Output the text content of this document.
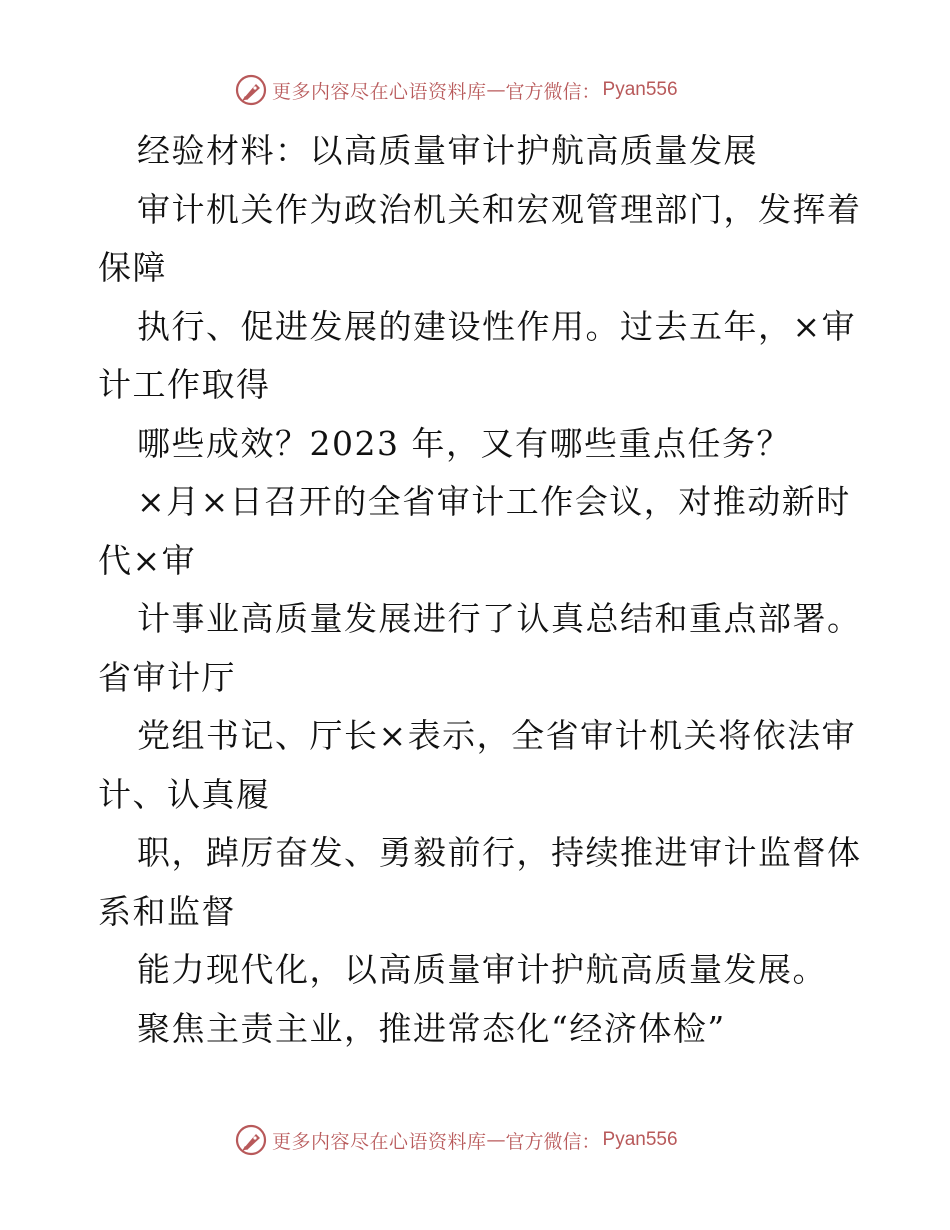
更多内容尽在心语资料库 — 官方微信： Pyan556
经验材料：以高质量审计护航高质量发展
审计机关作为政治机关和宏观管理部门，发挥着
保障
执行、促进发展的建设性作用。过去五年，×审
计工作取得
哪些成效？2023 年，又有哪些重点任务？
×月×日召开的全省审计工作会议，对推动新时
代×审
计事业高质量发展进行了认真总结和重点部署。
省审计厅
党组书记、厅长×表示，全省审计机关将依法审
计、认真履
职，踔厉奋发、勇毅前行，持续推进审计监督体
系和监督
能力现代化，以高质量审计护航高质量发展。
聚焦主责主业，推进常态化“经济体检”
更多内容尽在心语资料库 — 官方微信： Pyan556
